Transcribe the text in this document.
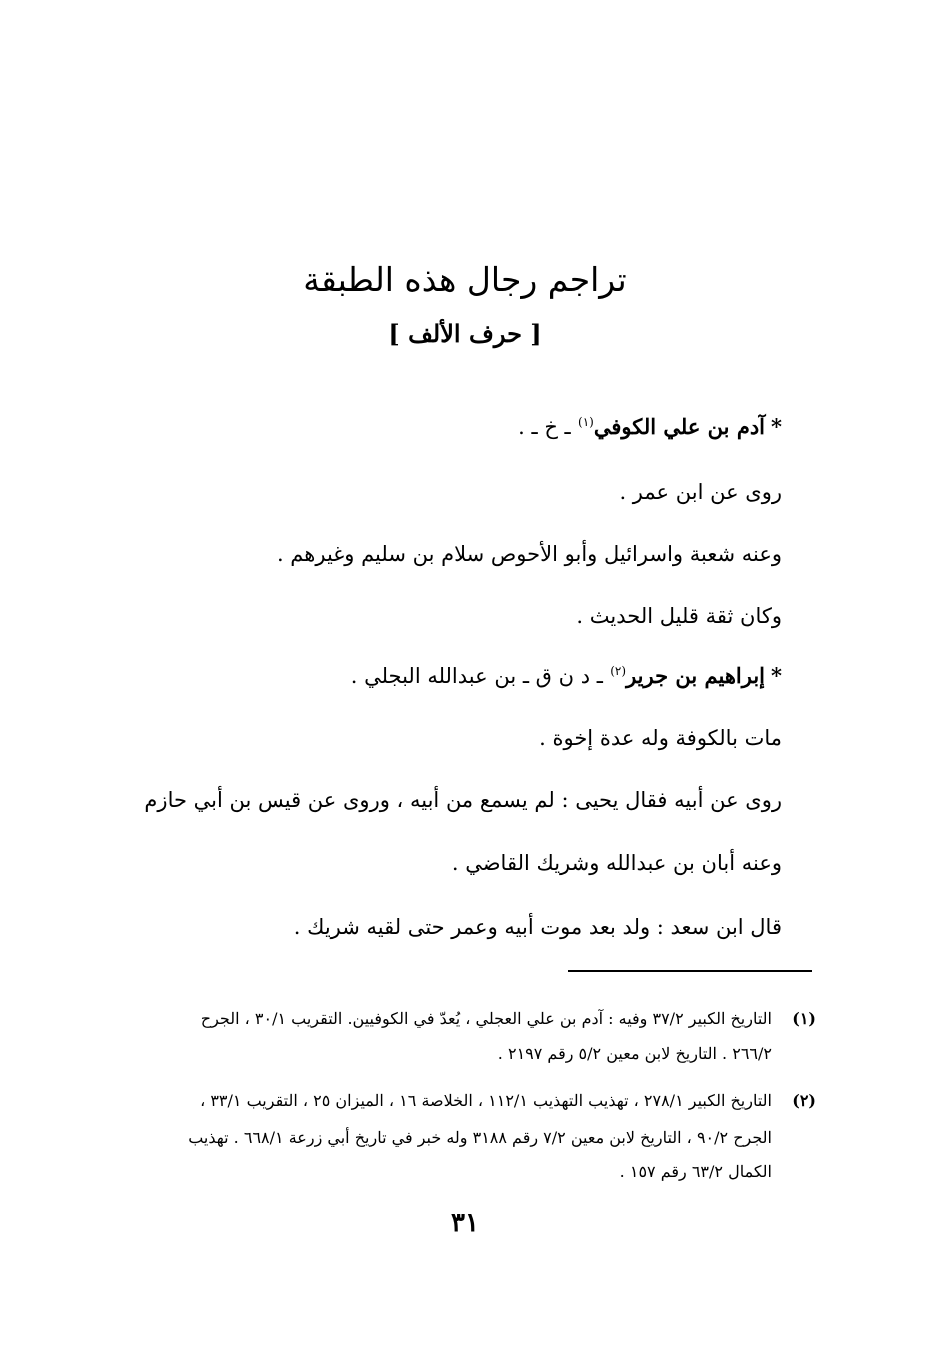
تراجم رجال هذه الطبقة
[ حرف الألف ]
*آدم بن علي الكوفي$^{(١)}$ ـ خ ـ .
روى عن ابن عمر .
وعنه شعبة واسرائيل وأبو الأحوص سلام بن سليم وغيرهم .
وكان ثقة قليل الحديث .
*إبراهيم بن جرير$^{(٢)}$ ـ د ن ق ـ بن عبدالله البجلي .
مات بالكوفة وله عدة إخوة .
روى عن أبيه فقال يحيى : لم يسمع من أبيه ، وروى عن قيس بن أبي حازم
وعنه أبان بن عبدالله وشريك القاضي .
قال ابن سعد : ولد بعد موت أبيه وعمر حتى لقيه شريك .
(١)
التاريخ الكبير ٣٧/٢ وفيه : آدم بن علي العجلي ، يُعدّ في الكوفيين. التقريب ٣٠/١ ، الجرح
٢٦٦/٢ . التاريخ لابن معين ٥/٢ رقم ٢١٩٧ .
(٢)
التاريخ الكبير ٢٧٨/١ ، تهذيب التهذيب ١١٢/١ ، الخلاصة ١٦ ، الميزان ٢٥ ، التقريب ٣٣/١ ،
الجرح ٩٠/٢ ، التاريخ لابن معين ٧/٢ رقم ٣١٨٨ وله خبر في تاريخ أبي زرعة ٦٦٨/١ . تهذيب
الكمال ٦٣/٢ رقم ١٥٧ .
٣١
